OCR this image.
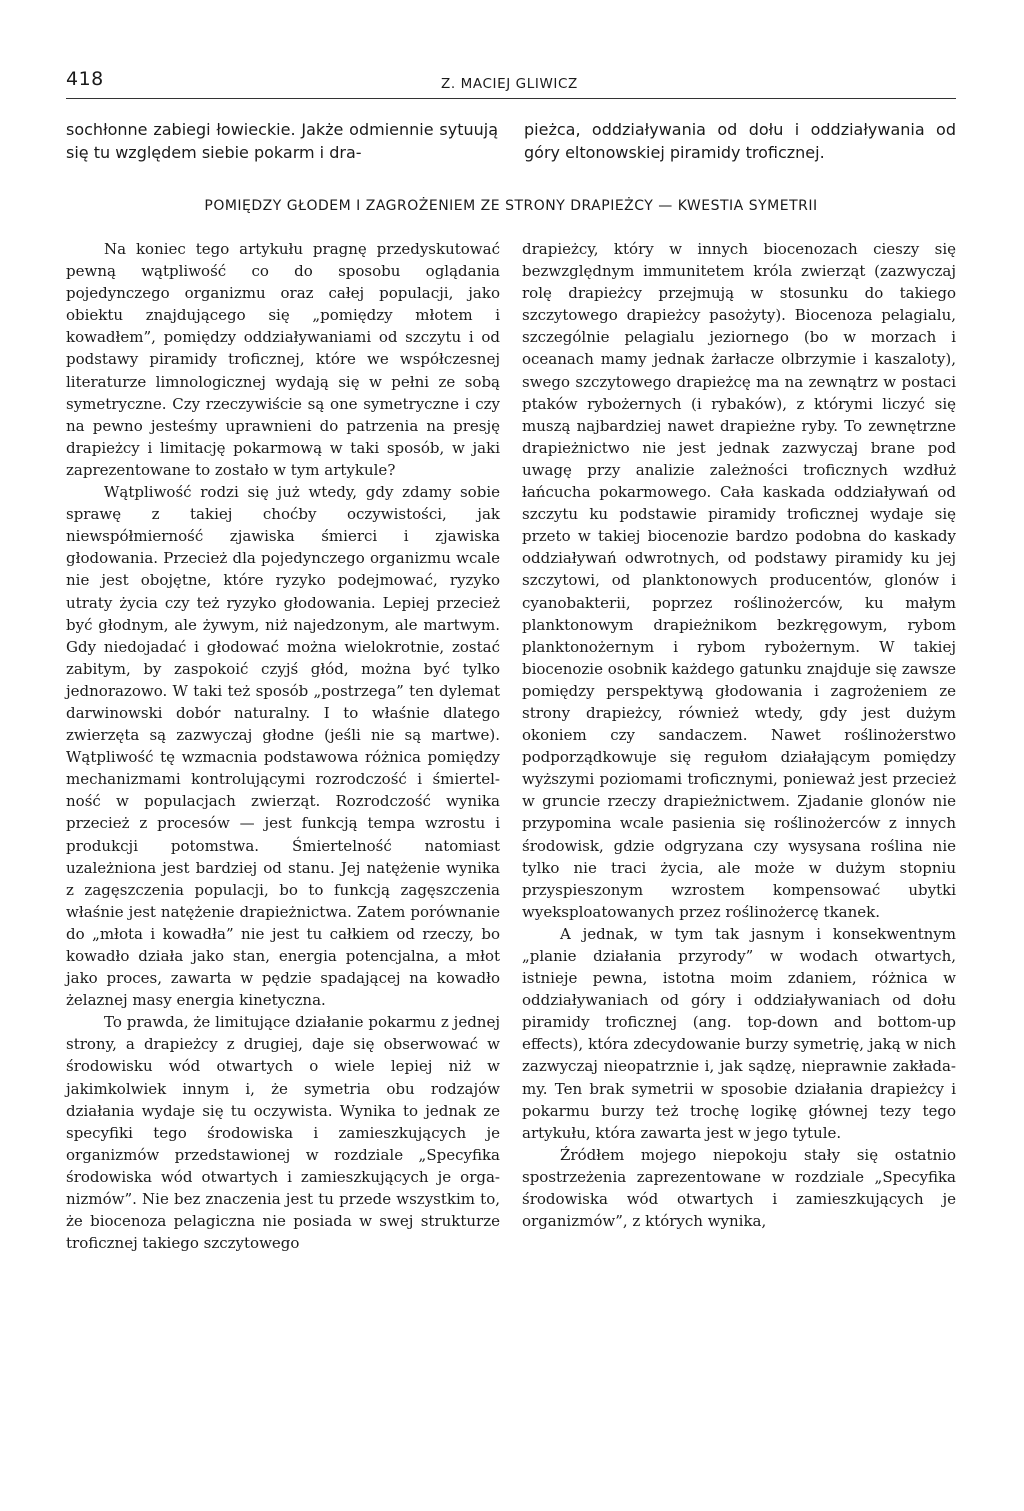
418	Z. MACIEJ GLIWICZ
sochłonne zabiegi łowieckie. Jakże odmiennie sytuują się tu względem siebie pokarm i dra-
pieżca, oddziaływania od dołu i oddziaływania od góry eltonowskiej piramidy troficznej.
POMIĘDZY GŁODEM I ZAGROŻENIEM ZE STRONY DRAPIEŻCY — KWESTIA SYMETRII

Na koniec tego artykułu pragnę przedyskutować pewną wątpliwość co do sposobu oglądania pojedynczego organizmu oraz całej populacji, jako obiektu znajdującego się „pomiędzy młotem i kowadłem”, pomiędzy oddziaływaniami od szczytu i od podstawy piramidy troficznej, które we współczesnej literaturze limnologicznej wydają się w pełni ze sobą symetryczne. Czy rzeczywiście są one symetryczne i czy na pewno jesteśmy uprawnieni do patrzenia na presję drapieżcy i limitację pokarmową w taki sposób, w jaki zaprezentowane to zostało w tym artykule?

Wątpliwość rodzi się już wtedy, gdy zdamy sobie sprawę z takiej choćby oczywistości, jak niewspółmierność zjawiska śmierci i zjawiska głodowania. Przecież dla pojedynczego organizmu wcale nie jest obojętne, które ryzyko podejmować, ryzyko utraty życia czy też ryzyko głodowania. Lepiej przecież być głodnym, ale żywym, niż najedzonym, ale martwym. Gdy niedojadać i głodować można wielokrotnie, zostać zabitym, by zaspokoić czyjś głód, można być tylko jednorazowo. W taki też sposób „postrzega” ten dylemat darwinowski dobór naturalny. I to właśnie dlatego zwierzęta są zazwyczaj głodne (jeśli nie są martwe). Wątpliwość tę wzmacnia podstawowa różnica pomiędzy mechanizmami kontrolującymi rozrodczość i śmiertelność w populacjach zwierząt. Rozrodczość wynika przecież z procesów — jest funkcją tempa wzrostu i produkcji potomstwa. Śmiertelność natomiast uzależniona jest bardziej od stanu. Jej natężenie wynika z zagęszczenia populacji, bo to funkcją zagęszczenia właśnie jest natężenie drapieżnictwa. Zatem porównanie do „młota i kowadła” nie jest tu całkiem od rzeczy, bo kowadło działa jako stan, energia potencjalna, a młot jako proces, zawarta w pędzie spadającej na kowadło żelaznej masy energia kinetyczna.

To prawda, że limitujące działanie pokarmu z jednej strony, a drapieżcy z drugiej, daje się obserwować w środowisku wód otwartych o wiele lepiej niż w jakimkolwiek innym i, że symetria obu rodzajów działania wydaje się tu oczywista. Wynika to jednak ze specyfiki tego środowiska i zamieszkujących je organizmów przedstawionej w rozdziale „Specyfika środowiska wód otwartych i zamieszkujących je organizmów”. Nie bez znaczenia jest tu przede wszystkim to, że biocenoza pelagiczna nie posiada w swej strukturze troficznej takiego szczytowego

drapieżcy, który w innych biocenozach cieszy się bezwzględnym immunitetem króla zwierząt (zazwyczaj rolę drapieżcy przejmują w stosunku do takiego szczytowego drapieżcy pasożyty). Biocenoza pelagialu, szczególnie pelagialu jeziornego (bo w morzach i oceanach mamy jednak żarłacze olbrzymie i kaszaloty), swego szczytowego drapieżcę ma na zewnątrz w postaci ptaków rybożernych (i rybaków), z którymi liczyć się muszą najbardziej nawet drapieżne ryby. To zewnętrzne drapieżnictwo nie jest jednak zazwyczaj brane pod uwagę przy analizie zależności troficznych wzdłuż łańcucha pokarmowego. Cała kaskada oddziaływań od szczytu ku podstawie piramidy troficznej wydaje się przeto w takiej biocenozie bardzo podobna do kaskady oddziaływań odwrotnych, od podstawy piramidy ku jej szczytowi, od planktonowych producentów, glonów i cyanobakterii, poprzez roślinożerców, ku małym planktonowym drapieżnikom bezkręgowym, rybom planktonożernym i rybom rybożernym. W takiej biocenozie osobnik każdego gatunku znajduje się zawsze pomiędzy perspektywą głodowania i zagrożeniem ze strony drapieżcy, również wtedy, gdy jest dużym okoniem czy sandaczem. Nawet roślinożerstwo podporządkowuje się regułom działającym pomiędzy wyższymi poziomami troficznymi, ponieważ jest przecież w gruncie rzeczy drapieżnictwem. Zjadanie glonów nie przypomina wcale pasienia się roślinożerców z innych środowisk, gdzie odgryzana czy wysysana roślina nie tylko nie traci życia, ale może w dużym stopniu przyspieszonym wzrostem kompensować ubytki wyeksploatowanych przez roślinożercę tkanek.

A jednak, w tym tak jasnym i konsekwentnym „planie działania przyrody” w wodach otwartych, istnieje pewna, istotna moim zdaniem, różnica w oddziaływaniach od góry i oddziaływaniach od dołu piramidy troficznej (ang. top-down and bottom-up effects), która zdecydowanie burzy symetrię, jaką w nich zazwyczaj nieopatrznie i, jak sądzę, nieprawnie zakładamy. Ten brak symetrii w sposobie działania drapieżcy i pokarmu burzy też trochę logikę głównej tezy tego artykułu, która zawarta jest w jego tytule.

Źródłem mojego niepokoju stały się ostatnio spostrzeżenia zaprezentowane w rozdziale „Specyfika środowiska wód otwartych i zamieszkujących je organizmów”, z których wynika,
